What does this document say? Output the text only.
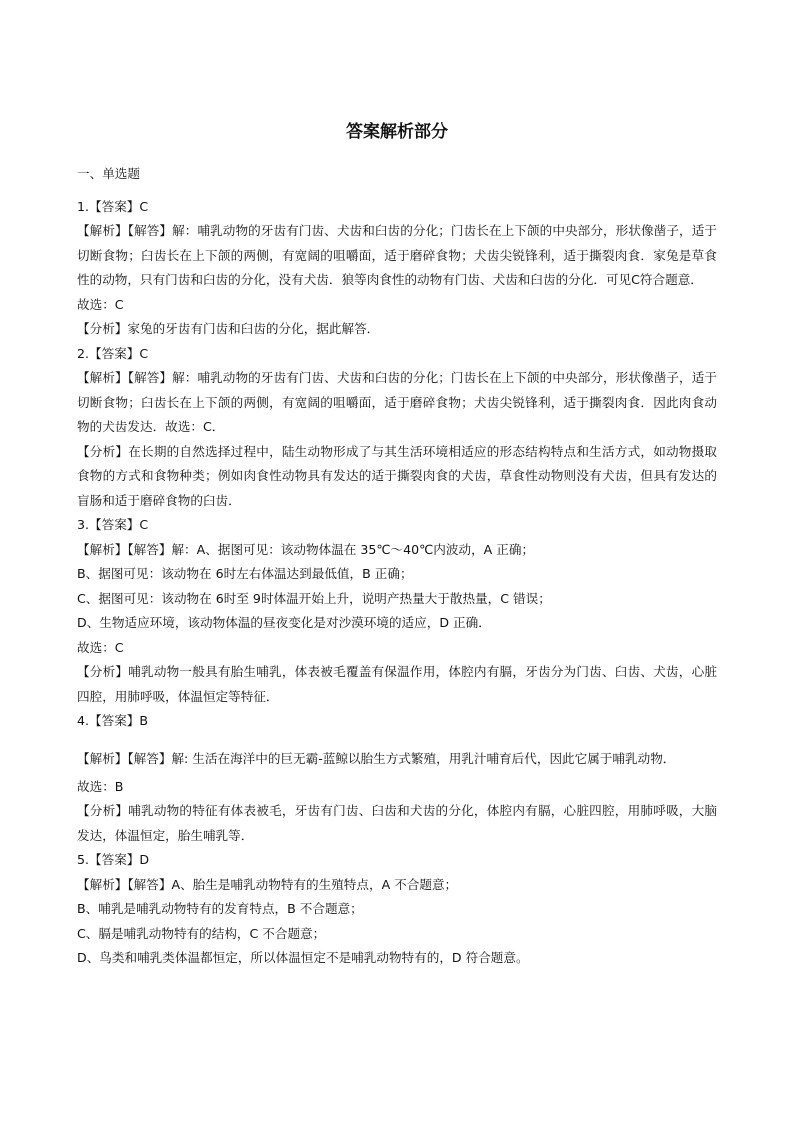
答案解析部分
一、单选题
1.【答案】C
【解析】【解答】解：哺乳动物的牙齿有门齿、犬齿和臼齿的分化；门齿长在上下颌的中央部分，形状像凿子，适于切断食物；臼齿长在上下颌的两侧，有宽阔的咀嚼面，适于磨碎食物；犬齿尖锐锋利，适于撕裂肉食．家兔是草食性的动物，只有门齿和臼齿的分化，没有犬齿．狼等肉食性的动物有门齿、犬齿和臼齿的分化．可见C符合题意．
故选：C
【分析】家兔的牙齿有门齿和臼齿的分化，据此解答．
2.【答案】C
【解析】【解答】解：哺乳动物的牙齿有门齿、犬齿和臼齿的分化；门齿长在上下颌的中央部分，形状像凿子，适于切断食物；臼齿长在上下颌的两侧，有宽阔的咀嚼面，适于磨碎食物；犬齿尖锐锋利，适于撕裂肉食．因此肉食动物的犬齿发达．故选：C．
【分析】在长期的自然选择过程中，陆生动物形成了与其生活环境相适应的形态结构特点和生活方式，如动物摄取食物的方式和食物种类；例如肉食性动物具有发达的适于撕裂肉食的犬齿，草食性动物则没有犬齿，但具有发达的盲肠和适于磨碎食物的臼齿．
3.【答案】C
【解析】【解答】解：A、据图可见：该动物体温在 35℃～40℃内波动，A 正确；
B、据图可见：该动物在 6时左右体温达到最低值，B 正确；
C、据图可见：该动物在 6时至 9时体温开始上升，说明产热量大于散热量，C 错误；
D、生物适应环境，该动物体温的昼夜变化是对沙漠环境的适应，D 正确．
故选：C
【分析】哺乳动物一般具有胎生哺乳，体表被毛覆盖有保温作用，体腔内有膈，牙齿分为门齿、臼齿、犬齿，心脏四腔，用肺呼吸，体温恒定等特征．
4.【答案】B
【解析】【解答】解: 生活在海洋中的巨无霸-蓝鲸以胎生方式繁殖，用乳汁哺育后代，因此它属于哺乳动物．
故选：B
【分析】哺乳动物的特征有体表被毛，牙齿有门齿、臼齿和犬齿的分化，体腔内有膈，心脏四腔，用肺呼吸，大脑发达，体温恒定，胎生哺乳等．
5.【答案】D
【解析】【解答】A、胎生是哺乳动物特有的生殖特点，A 不合题意；
B、哺乳是哺乳动物特有的发育特点，B 不合题意；
C、膈是哺乳动物特有的结构，C 不合题意；
D、鸟类和哺乳类体温都恒定，所以体温恒定不是哺乳动物特有的，D 符合题意。
